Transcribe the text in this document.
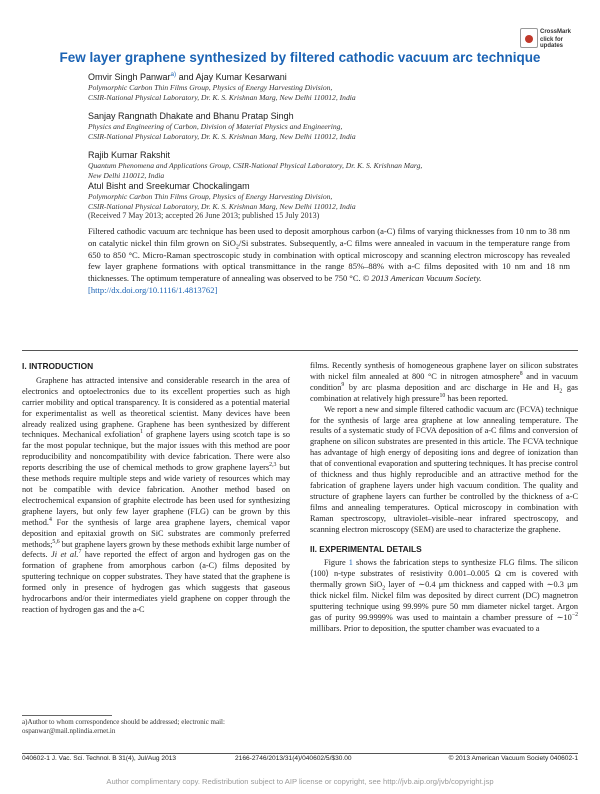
CrossMark
click for updates
Few layer graphene synthesized by filtered cathodic vacuum arc technique
Omvir Singh Panwar$^{a)}$ and Ajay Kumar Kesarwani
Polymorphic Carbon Thin Films Group, Physics of Energy Harvesting Division,
CSIR-National Physical Laboratory, Dr. K. S. Krishnan Marg, New Delhi 110012, India
Sanjay Rangnath Dhakate and Bhanu Pratap Singh
Physics and Engineering of Carbon, Division of Material Physics and Engineering,
CSIR-National Physical Laboratory, Dr. K. S. Krishnan Marg, New Delhi 110012, India
Rajib Kumar Rakshit
Quantum Phenomena and Applications Group, CSIR-National Physical Laboratory, Dr. K. S. Krishnan Marg,
New Delhi 110012, India
Atul Bisht and Sreekumar Chockalingam
Polymorphic Carbon Thin Films Group, Physics of Energy Harvesting Division,
CSIR-National Physical Laboratory, Dr. K. S. Krishnan Marg, New Delhi 110012, India
(Received 7 May 2013; accepted 26 June 2013; published 15 July 2013)
Filtered cathodic vacuum arc technique has been used to deposit amorphous carbon (a-C) films of varying thicknesses from 10 nm to 38 nm on catalytic nickel thin film grown on SiO$_2$/Si substrates. Subsequently, a-C films were annealed in vacuum in the temperature range from 650 to 850 °C. Micro-Raman spectroscopic study in combination with optical microscopy and scanning electron microscopy has revealed few layer graphene formations with optical transmittance in the range 85%–88% with a-C films deposited with 10 nm and 18 nm thicknesses. The optimum temperature of annealing was observed to be 750 °C. © 2013 American Vacuum Society.
[http://dx.doi.org/10.1116/1.4813762]
I. INTRODUCTION

Graphene has attracted intensive and considerable research in the area of electronics and optoelectronics due to its excellent properties such as high carrier mobility and optical transparency. It is considered as a potential material for experimentalist as well as theoretical scientist. Many devices have been already realized using graphene. Graphene has been synthesized by different techniques. Mechanical exfoliation$^1$ of graphene layers using scotch tape is so far the most popular technique, but the major issues with this method are poor reproducibility and noncompatibility with device fabrication. There were also reports describing the use of chemical methods to grow graphene layers$^{2,3}$ but these methods require multiple steps and wide variety of resources which may not be compatible with device fabrication. Another method based on electrochemical expansion of graphite electrode has been used for synthesizing graphene layers, but only few layer graphene (FLG) can be grown by this method.$^4$ For the synthesis of large area graphene layers, chemical vapor deposition and epitaxial growth on SiC substrates are commonly preferred methods;$^{5,6}$ but graphene layers grown by these methods exhibit large number of defects. Ji et al.$^7$ have reported the effect of argon and hydrogen gas on the formation of graphene from amorphous carbon (a-C) films deposited by sputtering technique on copper substrates. They have stated that the graphene is formed only in presence of hydrogen gas which suggests that gaseous hydrocarbons and/or their intermediates yield graphene on copper through the reaction of hydrogen gas and the a-C

films. Recently synthesis of homogeneous graphene layer on silicon substrates with nickel film annealed at 800 °C in nitrogen atmosphere$^8$ and in vacuum condition$^9$ by arc plasma deposition and arc discharge in He and $H_2$ gas combination at relatively high pressure$^{10}$ has been reported.

We report a new and simple filtered cathodic vacuum arc (FCVA) technique for the synthesis of large area graphene at low annealing temperature. The results of a systematic study of FCVA deposition of a-C films and conversion of graphene on silicon substrates are presented in this article. The FCVA technique has advantage of high energy of depositing ions and degree of ionization than that of conventional evaporation and sputtering techniques. It has precise control of thickness and thus highly reproducible and an attractive method for the fabrication of graphene layers under high vacuum condition. The quality and structure of graphene layers can further be controlled by the thickness of a-C films and annealing temperatures. Optical microscopy in combination with Raman spectroscopy, ultraviolet–visible–near infrared spectroscopy, and scanning electron microscopy (SEM) are used to characterize the graphene.

II. EXPERIMENTAL DETAILS

Figure 1 shows the fabrication steps to synthesize FLG films. The silicon ⟨100⟩ n-type substrates of resistivity 0.001–0.005 Ω cm is covered with thermally grown SiO$_2$ layer of ∼0.4 μm thickness and capped with ∼0.3 μm thick nickel film. Nickel film was deposited by direct current (DC) magnetron sputtering technique using 99.99% pure 50 mm diameter nickel target. Argon gas of purity 99.9999% was used to maintain a chamber pressure of $\sim 10^{-2}$ millibars. Prior to deposition, the sputter chamber was evacuated to a

a)Author to whom correspondence should be addressed; electronic mail: ospanwar@mail.nplindia.ernet.in
040602-1 J. Vac. Sci. Technol. B 31(4), Jul/Aug 2013	2166-2746/2013/31(4)/040602/5/$30.00	© 2013 American Vacuum Society 040602-1
Author complimentary copy. Redistribution subject to AIP license or copyright, see http://jvb.aip.org/jvb/copyright.jsp
